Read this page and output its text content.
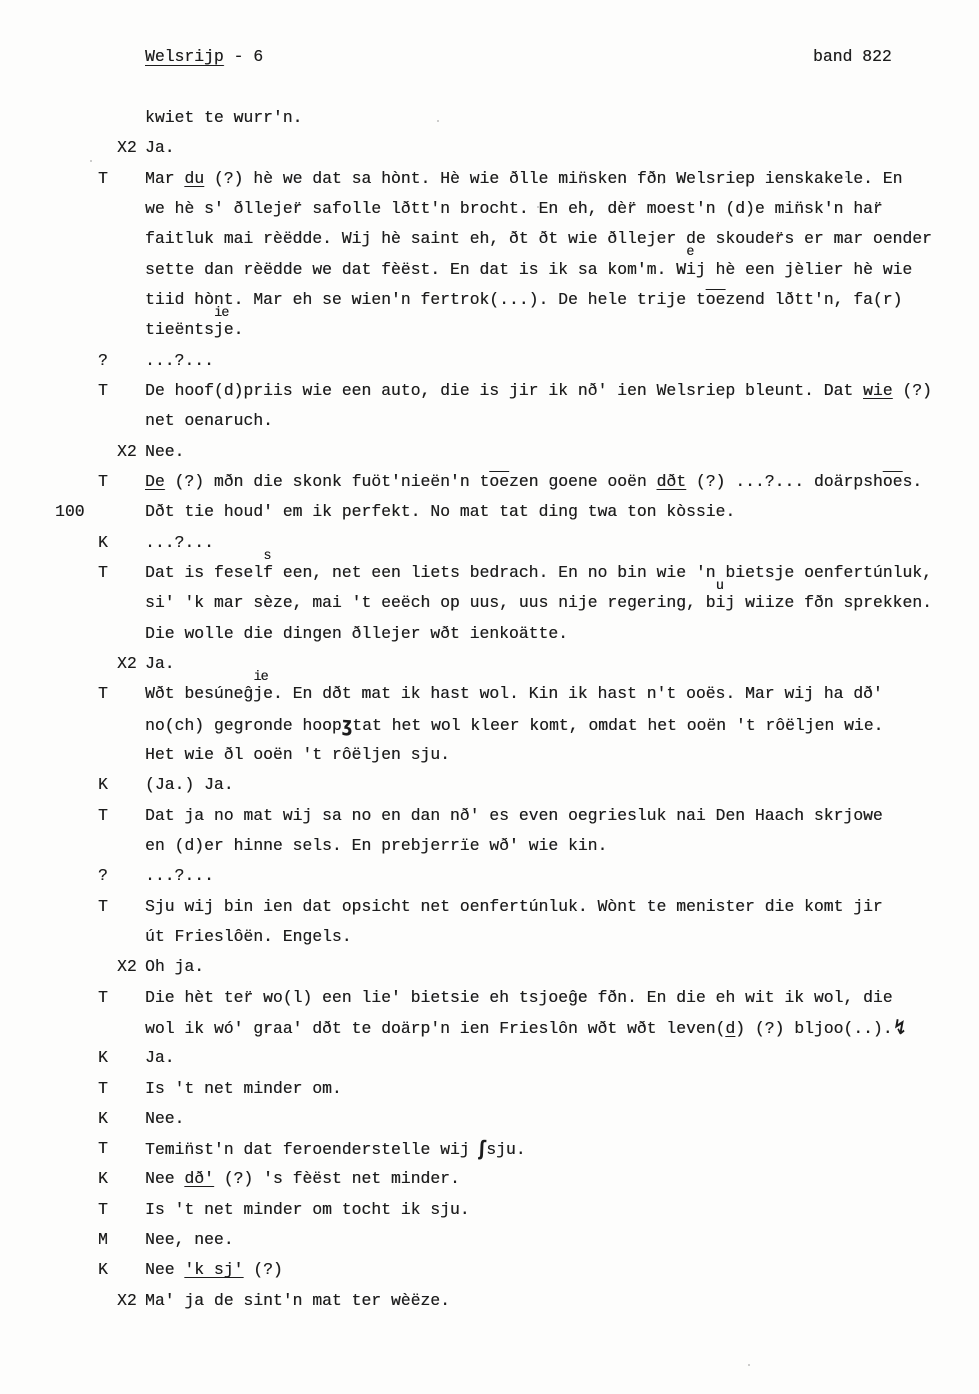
Welsrijp - 6	band 822
kwiet te wurr'n.
X2 Ja.
T Mar du (?) hè we dat sa hònt. Hè wie ðlle min̈sken fðn Welsriep ienskakele. En
we hè s' ðllejer̈ safolle lðtt'n brocht. En eh, dèr̈ moest'n (d)e min̈sk'n har̈
faitluk mai rèëdde. Wij hè saint eh, ðt ðt wie ðllejer de skouder̈s er mar oender
sette dan rèëdde we dat fèëst. En dat is ik sa kom'm. W
e
ij hè een jèlier hè wie
tiid hònt. Mar eh se wien'n fertrok(...). De hele trije $t\overline{oe}zend$ lðtt'n, fa(r)
tieënts
ie
je.
? ...?...
T De hoof(d)priis wie een auto, die is jir ik nð' ien Welsriep bleunt. Dat wie (?)
net oenaruch.
X2 Nee.
T De (?) mðn die skonk fuöt'nieën'n $t\overline{oe}zen$ goene ooën dðt (?) ...?... $doärpsh\overline{oe}s$.
100	Dðt tie houd' em ik perfekt. No mat tat ding twa ton kòssie.
K ...?...
T Dat is fesel
s
f een, net een liets bedrach. En no bin wie 'n bietsje oenfertúnluk,
si' 'k mar sèze, mai 't eeëch op uus, uus nije regering, b
u
ij wiize fðn sprekken.
Die wolle die dingen ðllejer wðt ienkoätte.
X2 Ja.
T Wðt besúneĝ
ie
je. En dðt mat ik hast wol. Kin ik hast n't ooës. Mar wij ha dð'
no(ch) gegronde hoopʒtat het wol kleer komt, omdat het ooën 't rôëljen wie.
Het wie ðl ooën 't rôëljen sju.
K (Ja.) Ja.
T Dat ja no mat wij sa no en dan nð' es even oegriesluk nai Den Haach skrjowe
en (d)er hinne sels. En prebjerrïe wð' wie kin.
? ...?...
T Sju wij bin ien dat opsicht net oenfertúnluk. Wònt te menister die komt jir
út Frieslôën. Engels.
X2 Oh ja.
T Die hèt ter̈ wo(l) een lie' bietsie eh tsjoeĝe fðn. En die eh wit ik wol, die
wol ik wó' graa' dðt te doärp'n ien Frieslôn wðt wðt leven(d) (?) bljoo(..).↯
K Ja.
T Is 't net minder om.
K Nee.
T Temin̈st'n dat feroenderstelle wij ʃsju.
K Nee dð' (?) 's fèëst net minder.
T Is 't net minder om tocht ik sju.
M Nee, nee.
K Nee 'k sj' (?)
X2 Ma' ja de sint'n mat ter wèëze.
